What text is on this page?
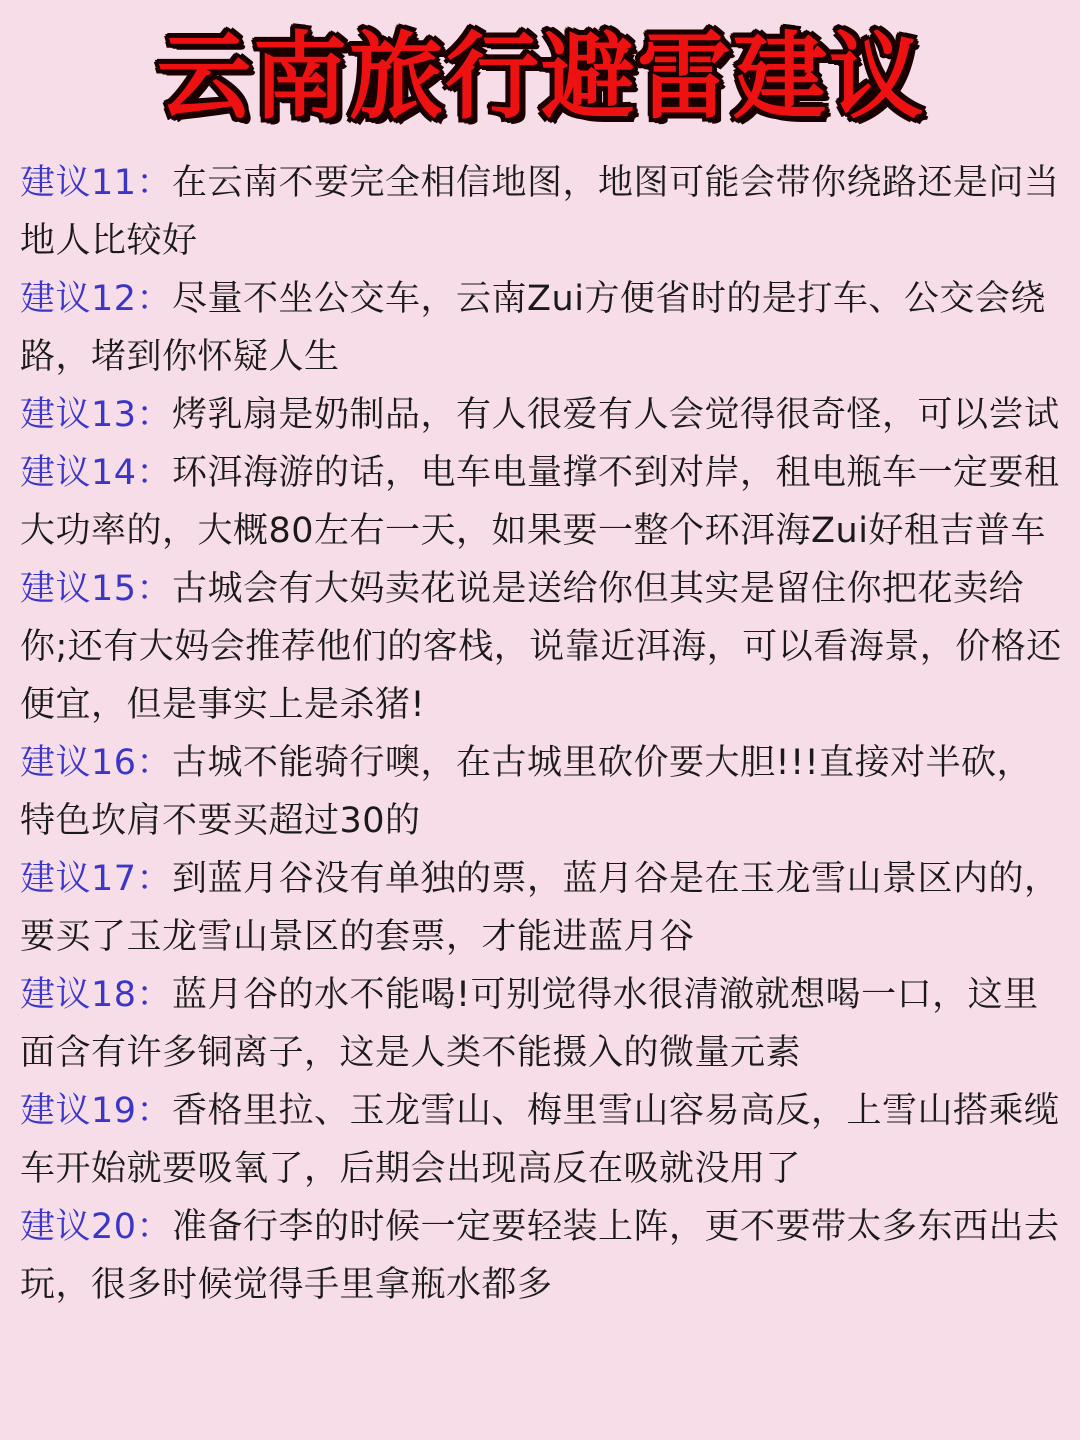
云南旅行避雷建议
建议11：在云南不要完全相信地图，地图可能会带你绕路还是问当地人比较好
建议12：尽量不坐公交车，云南Zui方便省时的是打车、公交会绕路，堵到你怀疑人生
建议13：烤乳扇是奶制品，有人很爱有人会觉得很奇怪，可以尝试
建议14：环洱海游的话，电车电量撑不到对岸，租电瓶车一定要租大功率的，大概80左右一天，如果要一整个环洱海Zui好租吉普车
建议15：古城会有大妈卖花说是送给你但其实是留住你把花卖给你;还有大妈会推荐他们的客栈，说靠近洱海，可以看海景，价格还便宜，但是事实上是杀猪!
建议16：古城不能骑行噢，在古城里砍价要大胆!!!直接对半砍，特色坎肩不要买超过30的
建议17：到蓝月谷没有单独的票，蓝月谷是在玉龙雪山景区内的，要买了玉龙雪山景区的套票，才能进蓝月谷
建议18：蓝月谷的水不能喝!可别觉得水很清澈就想喝一口，这里面含有许多铜离子，这是人类不能摄入的微量元素
建议19：香格里拉、玉龙雪山、梅里雪山容易高反，上雪山搭乘缆车开始就要吸氧了，后期会出现高反在吸就没用了
建议20：准备行李的时候一定要轻装上阵，更不要带太多东西出去玩，很多时候觉得手里拿瓶水都多
